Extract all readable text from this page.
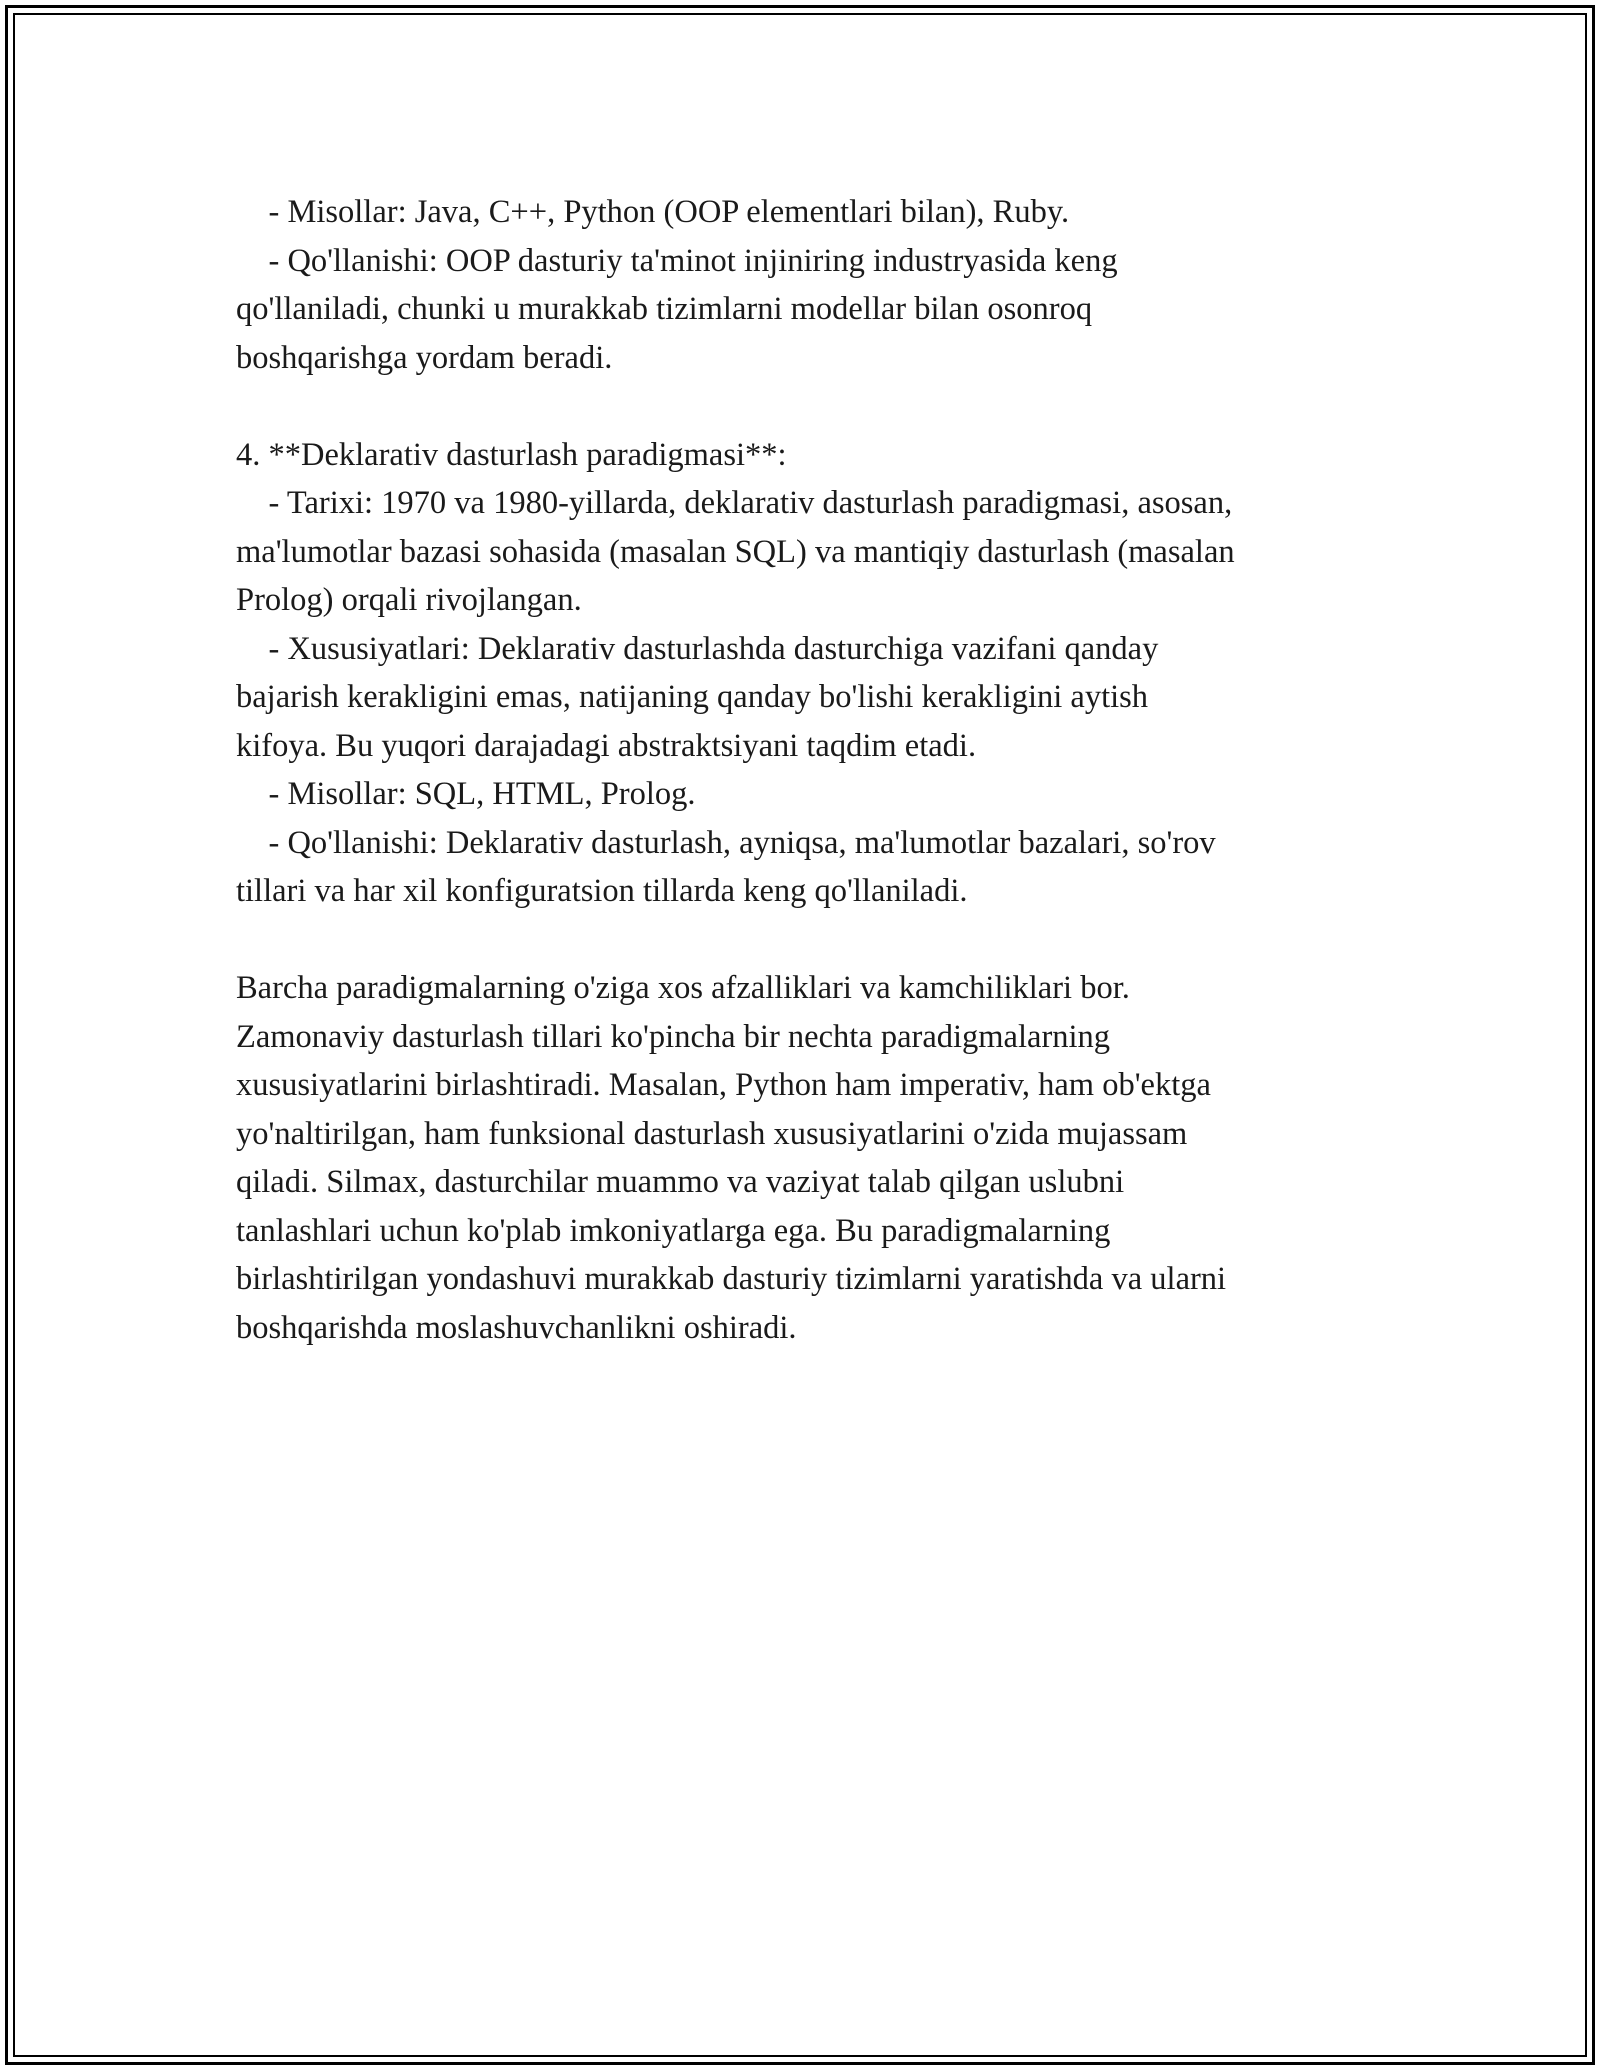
- Misollar: Java, C++, Python (OOP elementlari bilan), Ruby.
- Qo'llanishi: OOP dasturiy ta'minot injiniring industryasida keng
qo'llaniladi, chunki u murakkab tizimlarni modellar bilan osonroq
boshqarishga yordam beradi.
4. **Deklarativ dasturlash paradigmasi**:
- Tarixi: 1970 va 1980-yillarda, deklarativ dasturlash paradigmasi, asosan,
ma'lumotlar bazasi sohasida (masalan SQL) va mantiqiy dasturlash (masalan
Prolog) orqali rivojlangan.
- Xususiyatlari: Deklarativ dasturlashda dasturchiga vazifani qanday
bajarish kerakligini emas, natijaning qanday bo'lishi kerakligini aytish
kifoya. Bu yuqori darajadagi abstraktsiyani taqdim etadi.
- Misollar: SQL, HTML, Prolog.
- Qo'llanishi: Deklarativ dasturlash, ayniqsa, ma'lumotlar bazalari, so'rov
tillari va har xil konfiguratsion tillarda keng qo'llaniladi.
Barcha paradigmalarning o'ziga xos afzalliklari va kamchiliklari bor.
Zamonaviy dasturlash tillari ko'pincha bir nechta paradigmalarning
xususiyatlarini birlashtiradi. Masalan, Python ham imperativ, ham ob'ektga
yo'naltirilgan, ham funksional dasturlash xususiyatlarini o'zida mujassam
qiladi. Silmax, dasturchilar muammo va vaziyat talab qilgan uslubni
tanlashlari uchun ko'plab imkoniyatlarga ega. Bu paradigmalarning
birlashtirilgan yondashuvi murakkab dasturiy tizimlarni yaratishda va ularni
boshqarishda moslashuvchanlikni oshiradi.
